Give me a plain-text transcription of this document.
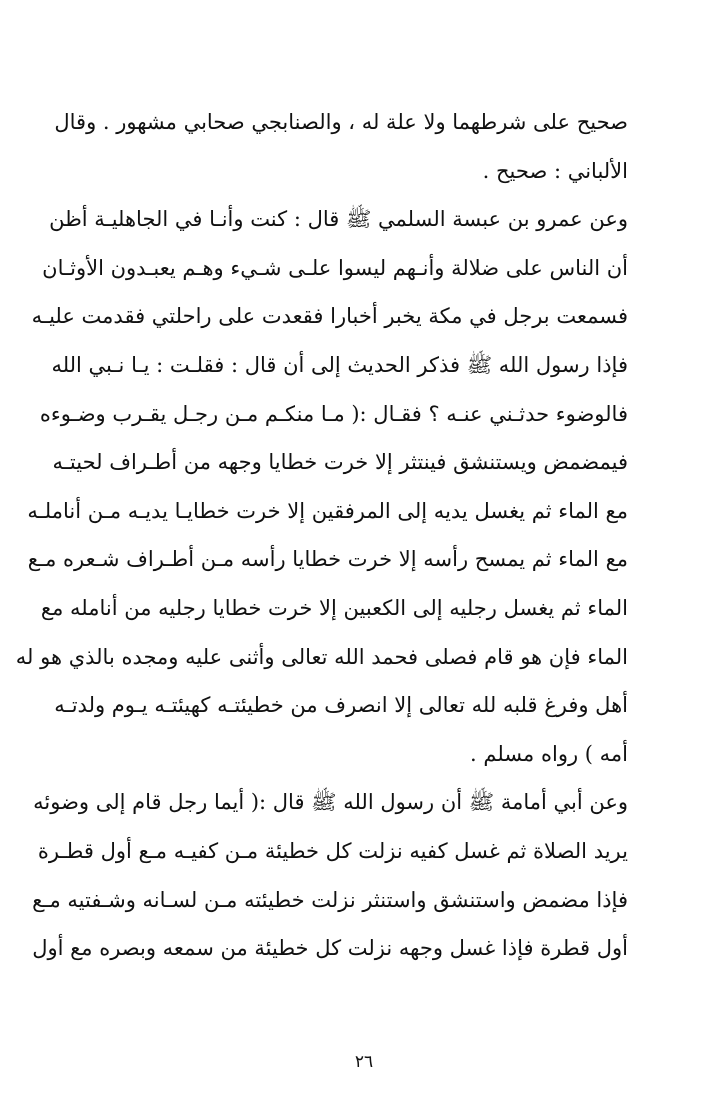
صحيح على شرطهما ولا علة له ، والصنابجي صحابي مشهور . وقال
الألباني : صحيح .
وعن عمرو بن عبسة السلمي ﷺ قال : كنت وأنـا في الجاهليـة أظن
أن الناس على ضلالة وأنـهم ليسوا علـى شـيء وهـم يعبـدون الأوثـان
فسمعت برجل في مكة يخبر أخبارا فقعدت على راحلتي فقدمت عليـه
فإذا رسول الله ﷺ فذكر الحديث إلى أن قال : فقلـت : يـا نـبي الله
فالوضوء حدثـني عنـه ؟ فقـال :( مـا منكـم مـن رجـل يقـرب وضـوءه
فيمضمض ويستنشق فينتثر إلا خرت خطايا وجهه من أطـراف لحيتـه
مع الماء ثم يغسل يديه إلى المرفقين إلا خرت خطايـا يديـه مـن أناملـه
مع الماء ثم يمسح رأسه إلا خرت خطايا رأسه مـن أطـراف شـعره مـع
الماء ثم يغسل رجليه إلى الكعبين إلا خرت خطايا رجليه من أنامله مع
الماء فإن هو قام فصلى فحمد الله تعالى وأثنى عليه ومجده بالذي هو له
أهل وفرغ قلبه لله تعالى إلا انصرف من خطيئتـه كهيئتـه يـوم ولدتـه
أمه ) رواه مسلم .
وعن أبي أمامة ﷺ أن رسول الله ﷺ قال :( أيما رجل قام إلى وضوئه
يريد الصلاة ثم غسل كفيه نزلت كل خطيئة مـن كفيـه مـع أول قطـرة
فإذا مضمض واستنشق واستنثر نزلت خطيئته مـن لسـانه وشـفتيه مـع
أول قطرة فإذا غسل وجهه نزلت كل خطيئة من سمعه وبصره مع أول
٢٦
